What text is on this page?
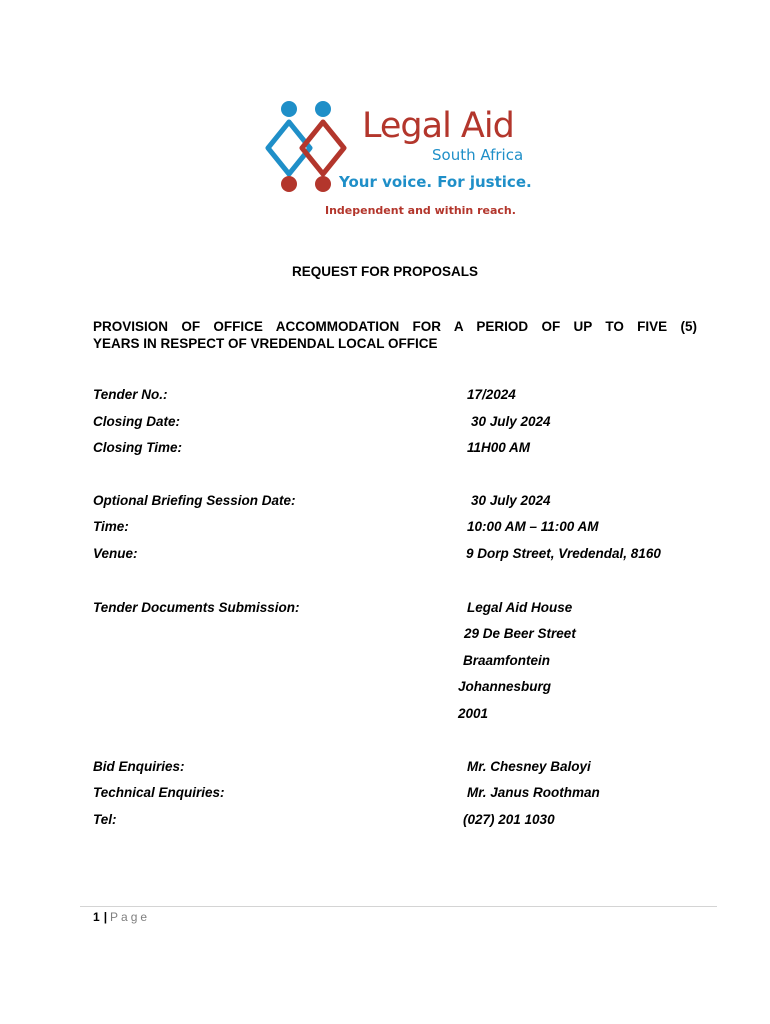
Legal Aid
South Africa
Your voice. For justice.
Independent and within reach.
REQUEST FOR PROPOSALS
PROVISION OF OFFICE ACCOMMODATION FOR A PERIOD OF UP TO FIVE (5)
YEARS IN RESPECT OF VREDENDAL LOCAL OFFICE
Tender No.:	17/2024
Closing Date:	30 July 2024
Closing Time:	11H00 AM
Optional Briefing Session Date:	30 July 2024
Time:	10:00 AM – 11:00 AM
Venue:	9 Dorp Street, Vredendal, 8160
Tender Documents Submission:	Legal Aid House
29 De Beer Street
Braamfontein
Johannesburg
2001
Bid Enquiries:	Mr. Chesney Baloyi
Technical Enquiries:	Mr. Janus Roothman
Tel:	(027) 201 1030
1 | Page
